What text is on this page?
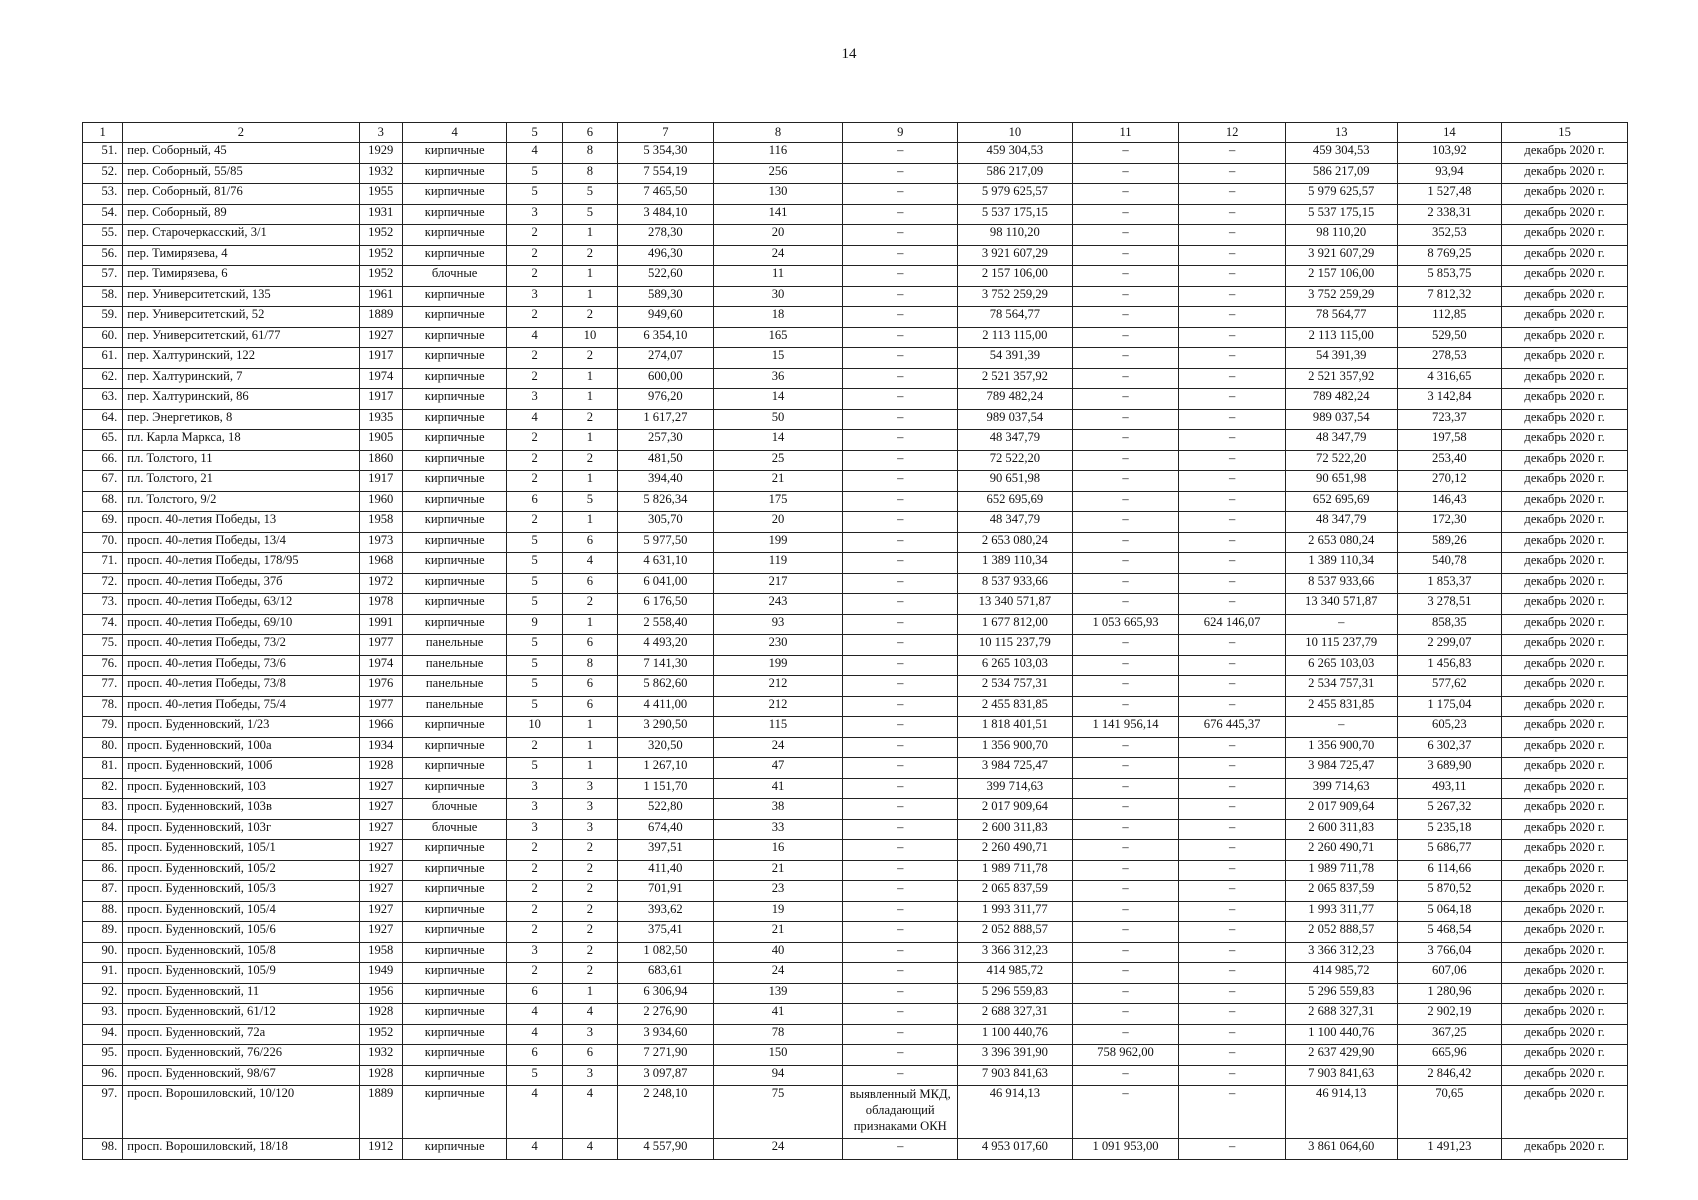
14
1	2	3	4	5	6	7	8	9	10	11	12	13	14	15
51.	пер. Соборный, 45	1929	кирпичные	4	8	5 354,30	116	–	459 304,53	–	–	459 304,53	103,92	декабрь 2020 г.
52.	пер. Соборный, 55/85	1932	кирпичные	5	8	7 554,19	256	–	586 217,09	–	–	586 217,09	93,94	декабрь 2020 г.
53.	пер. Соборный, 81/76	1955	кирпичные	5	5	7 465,50	130	–	5 979 625,57	–	–	5 979 625,57	1 527,48	декабрь 2020 г.
54.	пер. Соборный, 89	1931	кирпичные	3	5	3 484,10	141	–	5 537 175,15	–	–	5 537 175,15	2 338,31	декабрь 2020 г.
55.	пер. Старочеркасский, 3/1	1952	кирпичные	2	1	278,30	20	–	98 110,20	–	–	98 110,20	352,53	декабрь 2020 г.
56.	пер. Тимирязева, 4	1952	кирпичные	2	2	496,30	24	–	3 921 607,29	–	–	3 921 607,29	8 769,25	декабрь 2020 г.
57.	пер. Тимирязева, 6	1952	блочные	2	1	522,60	11	–	2 157 106,00	–	–	2 157 106,00	5 853,75	декабрь 2020 г.
58.	пер. Университетский, 135	1961	кирпичные	3	1	589,30	30	–	3 752 259,29	–	–	3 752 259,29	7 812,32	декабрь 2020 г.
59.	пер. Университетский, 52	1889	кирпичные	2	2	949,60	18	–	78 564,77	–	–	78 564,77	112,85	декабрь 2020 г.
60.	пер. Университетский, 61/77	1927	кирпичные	4	10	6 354,10	165	–	2 113 115,00	–	–	2 113 115,00	529,50	декабрь 2020 г.
61.	пер. Халтуринский, 122	1917	кирпичные	2	2	274,07	15	–	54 391,39	–	–	54 391,39	278,53	декабрь 2020 г.
62.	пер. Халтуринский, 7	1974	кирпичные	2	1	600,00	36	–	2 521 357,92	–	–	2 521 357,92	4 316,65	декабрь 2020 г.
63.	пер. Халтуринский, 86	1917	кирпичные	3	1	976,20	14	–	789 482,24	–	–	789 482,24	3 142,84	декабрь 2020 г.
64.	пер. Энергетиков, 8	1935	кирпичные	4	2	1 617,27	50	–	989 037,54	–	–	989 037,54	723,37	декабрь 2020 г.
65.	пл. Карла Маркса, 18	1905	кирпичные	2	1	257,30	14	–	48 347,79	–	–	48 347,79	197,58	декабрь 2020 г.
66.	пл. Толстого, 11	1860	кирпичные	2	2	481,50	25	–	72 522,20	–	–	72 522,20	253,40	декабрь 2020 г.
67.	пл. Толстого, 21	1917	кирпичные	2	1	394,40	21	–	90 651,98	–	–	90 651,98	270,12	декабрь 2020 г.
68.	пл. Толстого, 9/2	1960	кирпичные	6	5	5 826,34	175	–	652 695,69	–	–	652 695,69	146,43	декабрь 2020 г.
69.	просп. 40-летия Победы, 13	1958	кирпичные	2	1	305,70	20	–	48 347,79	–	–	48 347,79	172,30	декабрь 2020 г.
70.	просп. 40-летия Победы, 13/4	1973	кирпичные	5	6	5 977,50	199	–	2 653 080,24	–	–	2 653 080,24	589,26	декабрь 2020 г.
71.	просп. 40-летия Победы, 178/95	1968	кирпичные	5	4	4 631,10	119	–	1 389 110,34	–	–	1 389 110,34	540,78	декабрь 2020 г.
72.	просп. 40-летия Победы, 37б	1972	кирпичные	5	6	6 041,00	217	–	8 537 933,66	–	–	8 537 933,66	1 853,37	декабрь 2020 г.
73.	просп. 40-летия Победы, 63/12	1978	кирпичные	5	2	6 176,50	243	–	13 340 571,87	–	–	13 340 571,87	3 278,51	декабрь 2020 г.
74.	просп. 40-летия Победы, 69/10	1991	кирпичные	9	1	2 558,40	93	–	1 677 812,00	1 053 665,93	624 146,07	–	858,35	декабрь 2020 г.
75.	просп. 40-летия Победы, 73/2	1977	панельные	5	6	4 493,20	230	–	10 115 237,79	–	–	10 115 237,79	2 299,07	декабрь 2020 г.
76.	просп. 40-летия Победы, 73/6	1974	панельные	5	8	7 141,30	199	–	6 265 103,03	–	–	6 265 103,03	1 456,83	декабрь 2020 г.
77.	просп. 40-летия Победы, 73/8	1976	панельные	5	6	5 862,60	212	–	2 534 757,31	–	–	2 534 757,31	577,62	декабрь 2020 г.
78.	просп. 40-летия Победы, 75/4	1977	панельные	5	6	4 411,00	212	–	2 455 831,85	–	–	2 455 831,85	1 175,04	декабрь 2020 г.
79.	просп. Буденновский, 1/23	1966	кирпичные	10	1	3 290,50	115	–	1 818 401,51	1 141 956,14	676 445,37	–	605,23	декабрь 2020 г.
80.	просп. Буденновский, 100а	1934	кирпичные	2	1	320,50	24	–	1 356 900,70	–	–	1 356 900,70	6 302,37	декабрь 2020 г.
81.	просп. Буденновский, 100б	1928	кирпичные	5	1	1 267,10	47	–	3 984 725,47	–	–	3 984 725,47	3 689,90	декабрь 2020 г.
82.	просп. Буденновский, 103	1927	кирпичные	3	3	1 151,70	41	–	399 714,63	–	–	399 714,63	493,11	декабрь 2020 г.
83.	просп. Буденновский, 103в	1927	блочные	3	3	522,80	38	–	2 017 909,64	–	–	2 017 909,64	5 267,32	декабрь 2020 г.
84.	просп. Буденновский, 103г	1927	блочные	3	3	674,40	33	–	2 600 311,83	–	–	2 600 311,83	5 235,18	декабрь 2020 г.
85.	просп. Буденновский, 105/1	1927	кирпичные	2	2	397,51	16	–	2 260 490,71	–	–	2 260 490,71	5 686,77	декабрь 2020 г.
86.	просп. Буденновский, 105/2	1927	кирпичные	2	2	411,40	21	–	1 989 711,78	–	–	1 989 711,78	6 114,66	декабрь 2020 г.
87.	просп. Буденновский, 105/3	1927	кирпичные	2	2	701,91	23	–	2 065 837,59	–	–	2 065 837,59	5 870,52	декабрь 2020 г.
88.	просп. Буденновский, 105/4	1927	кирпичные	2	2	393,62	19	–	1 993 311,77	–	–	1 993 311,77	5 064,18	декабрь 2020 г.
89.	просп. Буденновский, 105/6	1927	кирпичные	2	2	375,41	21	–	2 052 888,57	–	–	2 052 888,57	5 468,54	декабрь 2020 г.
90.	просп. Буденновский, 105/8	1958	кирпичные	3	2	1 082,50	40	–	3 366 312,23	–	–	3 366 312,23	3 766,04	декабрь 2020 г.
91.	просп. Буденновский, 105/9	1949	кирпичные	2	2	683,61	24	–	414 985,72	–	–	414 985,72	607,06	декабрь 2020 г.
92.	просп. Буденновский, 11	1956	кирпичные	6	1	6 306,94	139	–	5 296 559,83	–	–	5 296 559,83	1 280,96	декабрь 2020 г.
93.	просп. Буденновский, 61/12	1928	кирпичные	4	4	2 276,90	41	–	2 688 327,31	–	–	2 688 327,31	2 902,19	декабрь 2020 г.
94.	просп. Буденновский, 72а	1952	кирпичные	4	3	3 934,60	78	–	1 100 440,76	–	–	1 100 440,76	367,25	декабрь 2020 г.
95.	просп. Буденновский, 76/226	1932	кирпичные	6	6	7 271,90	150	–	3 396 391,90	758 962,00	–	2 637 429,90	665,96	декабрь 2020 г.
96.	просп. Буденновский, 98/67	1928	кирпичные	5	3	3 097,87	94	–	7 903 841,63	–	–	7 903 841,63	2 846,42	декабрь 2020 г.
97.	просп. Ворошиловский, 10/120	1889	кирпичные	4	4	2 248,10	75	выявленный МКД, обладающий признаками ОКН	46 914,13	–	–	46 914,13	70,65	декабрь 2020 г.
98.	просп. Ворошиловский, 18/18	1912	кирпичные	4	4	4 557,90	24	–	4 953 017,60	1 091 953,00	–	3 861 064,60	1 491,23	декабрь 2020 г.
